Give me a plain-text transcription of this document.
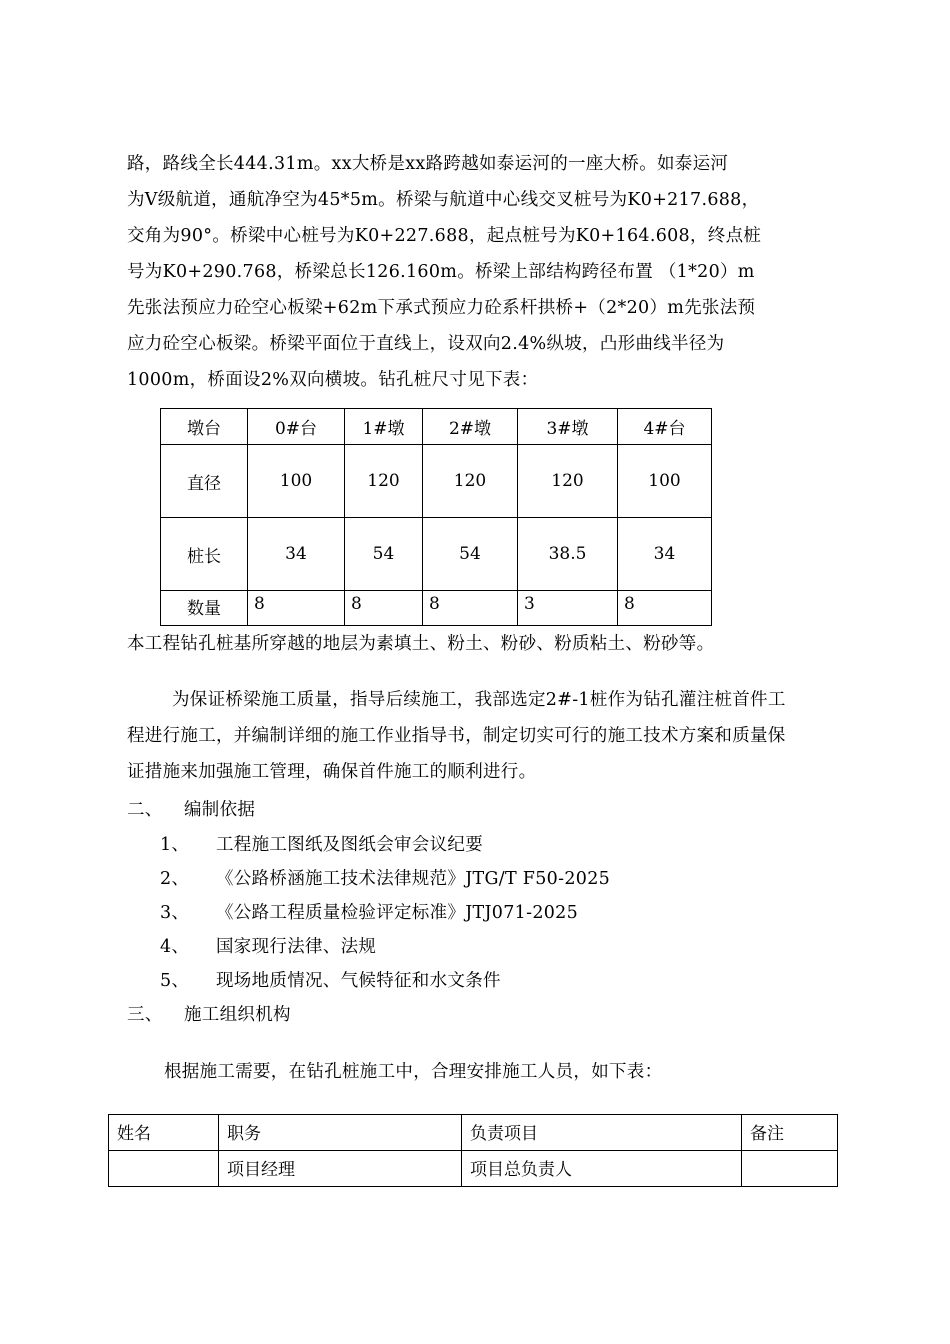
路，路线全长444.31m。xx大桥是xx路跨越如泰运河的一座大桥。如泰运河
为Ⅴ级航道，通航净空为45*5m。桥梁与航道中心线交叉桩号为K0+217.688，
交角为90°。桥梁中心桩号为K0+227.688，起点桩号为K0+164.608，终点桩
号为K0+290.768，桥梁总长126.160m。桥梁上部结构跨径布置 （1*20）m
先张法预应力砼空心板梁+62m下承式预应力砼系杆拱桥+（2*20）m先张法预
应力砼空心板梁。桥梁平面位于直线上，设双向2.4%纵坡，凸形曲线半径为
1000m，桥面设2%双向横坡。钻孔桩尺寸见下表：
墩台	0#台	1#墩	2#墩	3#墩	4#台
直径	100	120	120	120	100
桩长	34	54	54	38.5	34
数量	8	8	8	3	8
本工程钻孔桩基所穿越的地层为素填土、粉土、粉砂、粉质粘土、粉砂等。
为保证桥梁施工质量，指导后续施工，我部选定2#-1桩作为钻孔灌注桩首件工
程进行施工，并编制详细的施工作业指导书，制定切实可行的施工技术方案和质量保
证措施来加强施工管理，确保首件施工的顺利进行。
二、 编制依据
1、 工程施工图纸及图纸会审会议纪要
2、 《公路桥涵施工技术法律规范》JTG/T F50-2025
3、 《公路工程质量检验评定标准》JTJ071-2025
4、 国家现行法律、法规
5、 现场地质情况、气候特征和水文条件
三、 施工组织机构
根据施工需要，在钻孔桩施工中，合理安排施工人员，如下表：
姓名	职务	负责项目	备注
	项目经理	项目总负责人	
